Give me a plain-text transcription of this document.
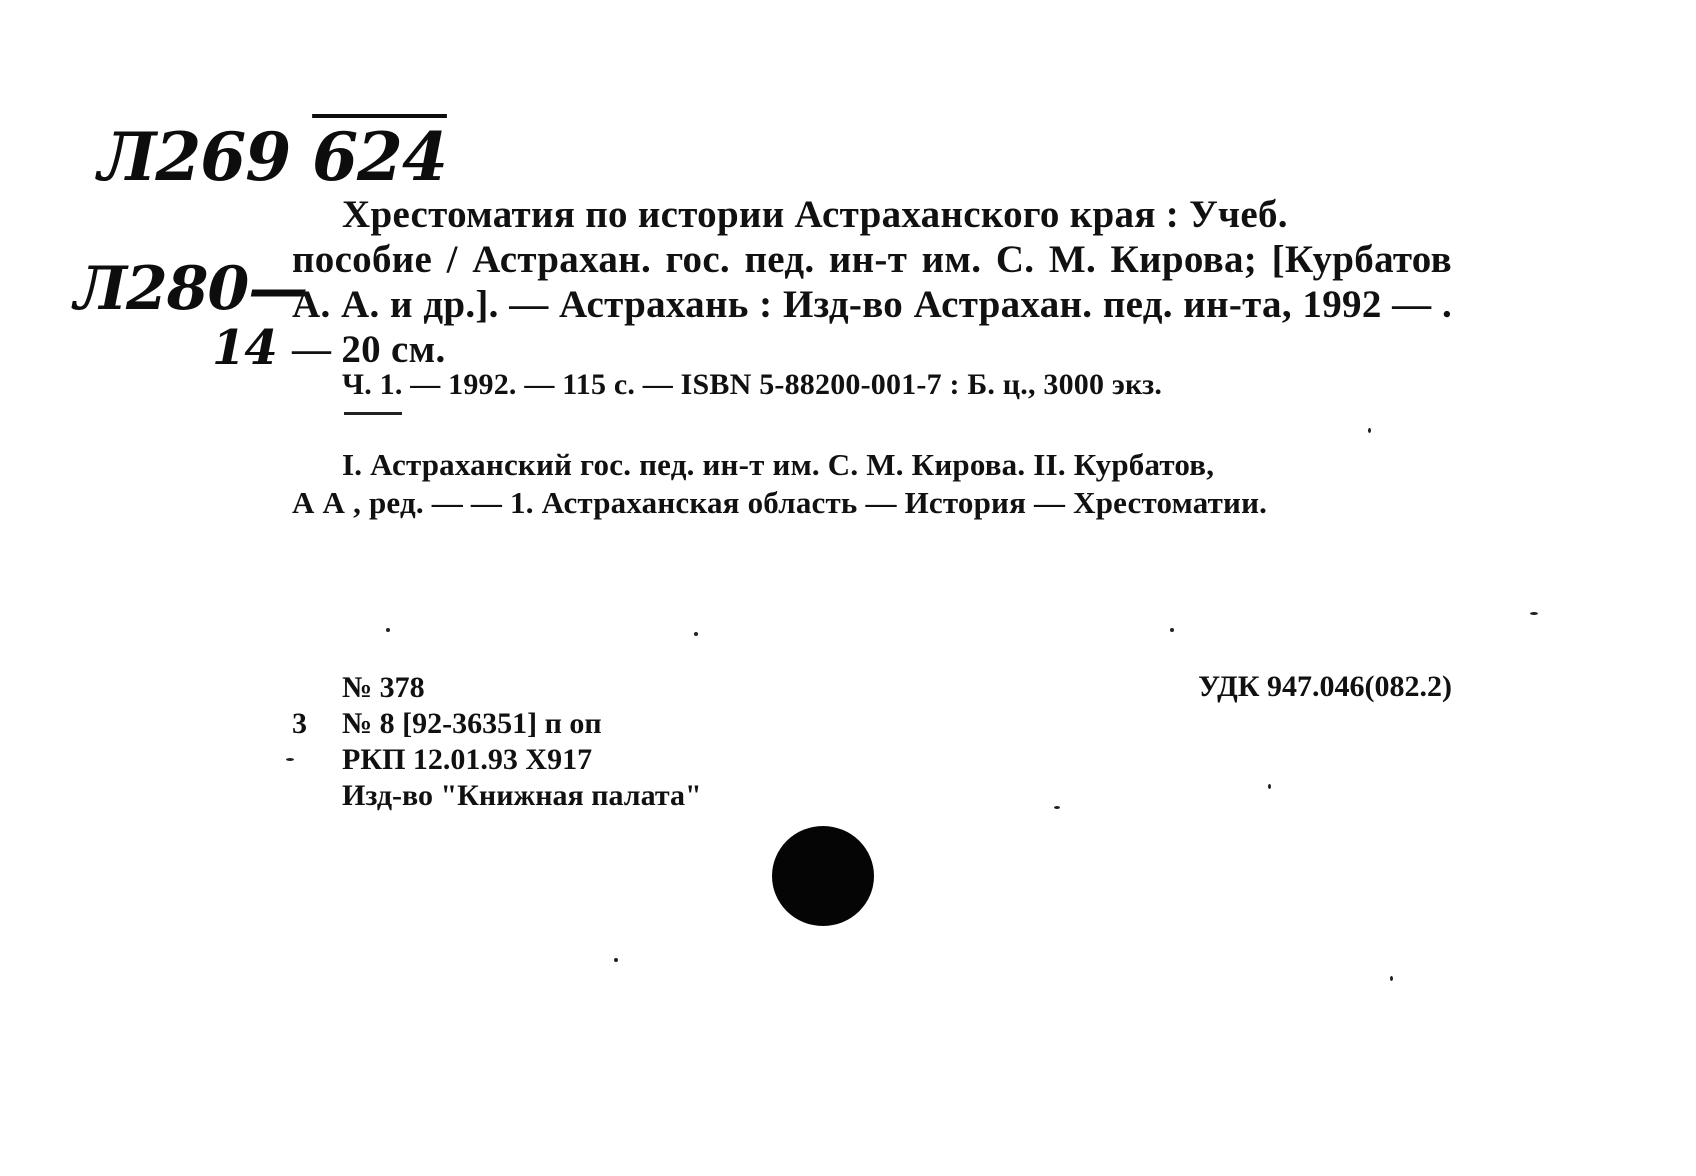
Л269 624
Л280—
14
Хрестоматия по истории Астраханского края : Учеб.
пособие / Астрахан. гос. пед. ин-т им. С. М. Кирова; [Курбатов А. А. и др.]. — Астрахань : Изд-во Астрахан. пед. ин-та, 1992 — . — 20 см.
Ч. 1. — 1992. — 115 с. — ISBN 5-88200-001-7 : Б. ц., 3000 экз.
I. Астраханский гос. пед. ин-т им. С. М. Кирова. II. Курбатов,
А А , ред. — — 1. Астраханская область — История — Хрестоматии.
№ 378
3 № 8 [92-36351] п оп
РКП 12.01.93 Х917
Изд-во "Книжная палата"
УДК 947.046(082.2)
